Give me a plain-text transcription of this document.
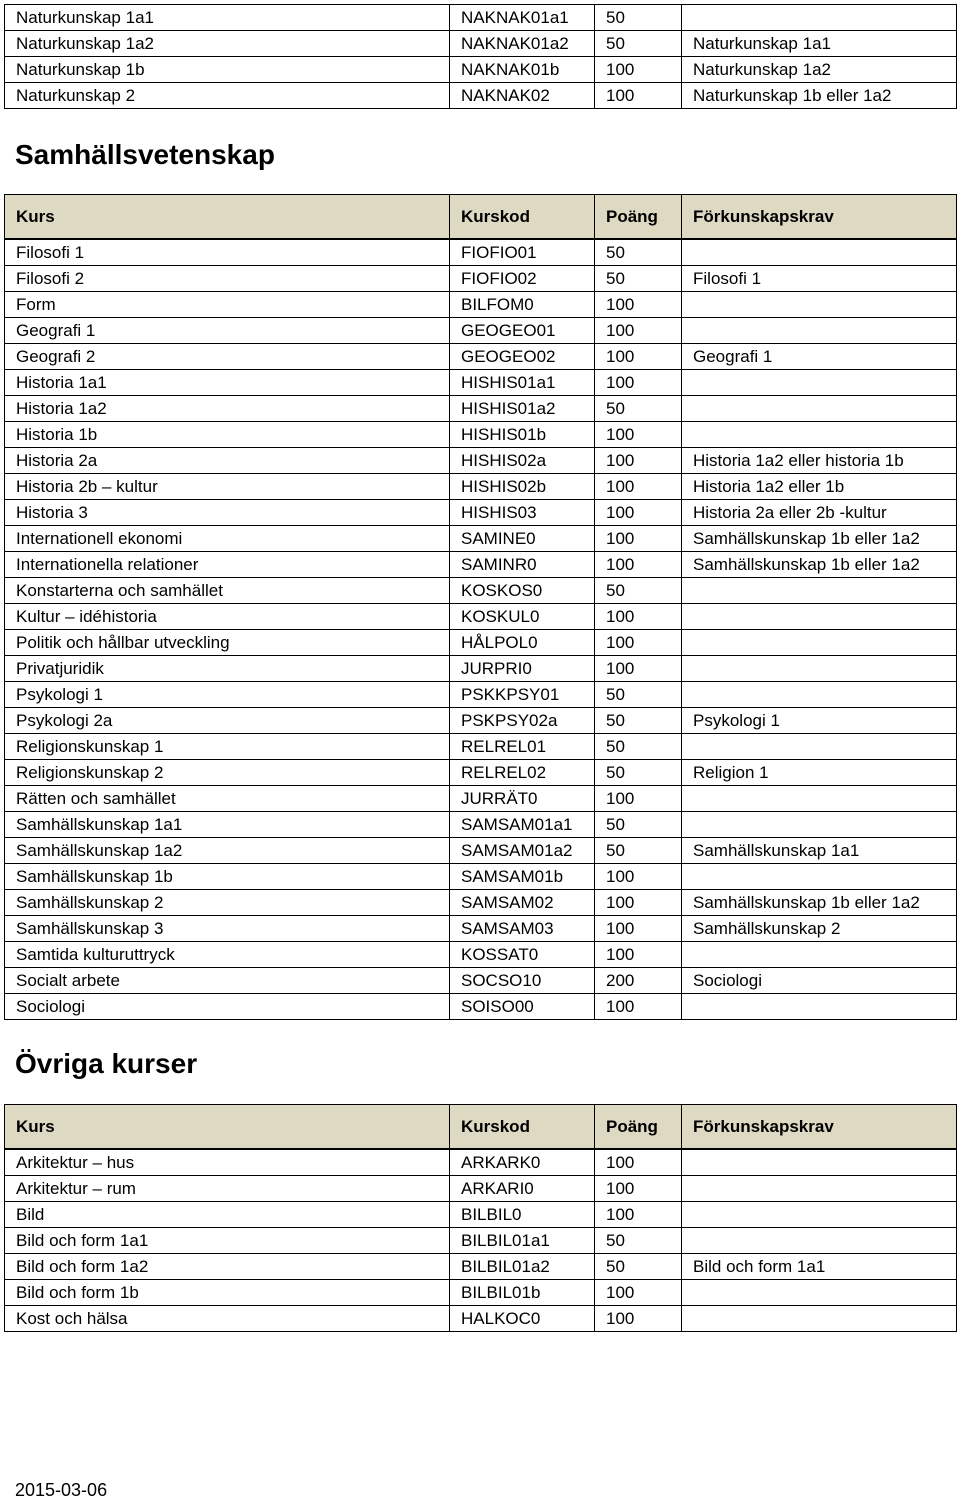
Naturkunskap 1a1	NAKNAK01a1	50	
Naturkunskap 1a2	NAKNAK01a2	50	Naturkunskap 1a1
Naturkunskap 1b	NAKNAK01b	100	Naturkunskap 1a2
Naturkunskap 2	NAKNAK02	100	Naturkunskap 1b eller 1a2
Samhällsvetenskap
Kurs	Kurskod	Poäng	Förkunskapskrav

Filosofi 1	FIOFIO01	50	
Filosofi 2	FIOFIO02	50	Filosofi 1
Form	BILFOM0	100	
Geografi 1	GEOGEO01	100	
Geografi 2	GEOGEO02	100	Geografi 1
Historia 1a1	HISHIS01a1	100	
Historia 1a2	HISHIS01a2	50	
Historia 1b	HISHIS01b	100	
Historia 2a	HISHIS02a	100	Historia 1a2 eller historia 1b
Historia 2b – kultur	HISHIS02b	100	Historia 1a2 eller 1b
Historia 3	HISHIS03	100	Historia 2a eller 2b -kultur
Internationell ekonomi	SAMINE0	100	Samhällskunskap 1b eller 1a2
Internationella relationer	SAMINR0	100	Samhällskunskap 1b eller 1a2
Konstarterna och samhället	KOSKOS0	50	
Kultur – idéhistoria	KOSKUL0	100	
Politik och hållbar utveckling	HÅLPOL0	100	
Privatjuridik	JURPRI0	100	
Psykologi 1	PSKKPSY01	50	
Psykologi 2a	PSKPSY02a	50	Psykologi 1
Religionskunskap 1	RELREL01	50	
Religionskunskap 2	RELREL02	50	Religion 1
Rätten och samhället	JURRÄT0	100	
Samhällskunskap 1a1	SAMSAM01a1	50	
Samhällskunskap 1a2	SAMSAM01a2	50	Samhällskunskap 1a1
Samhällskunskap 1b	SAMSAM01b	100	
Samhällskunskap 2	SAMSAM02	100	Samhällskunskap 1b eller 1a2
Samhällskunskap 3	SAMSAM03	100	Samhällskunskap 2
Samtida kulturuttryck	KOSSAT0	100	
Socialt arbete	SOCSO10	200	Sociologi
Sociologi	SOISO00	100	
Övriga kurser
Kurs	Kurskod	Poäng	Förkunskapskrav

Arkitektur – hus	ARKARK0	100	
Arkitektur – rum	ARKARI0	100	
Bild	BILBIL0	100	
Bild och form 1a1	BILBIL01a1	50	
Bild och form 1a2	BILBIL01a2	50	Bild och form 1a1
Bild och form 1b	BILBIL01b	100	
Kost och hälsa	HALKOC0	100	
2015-03-06
